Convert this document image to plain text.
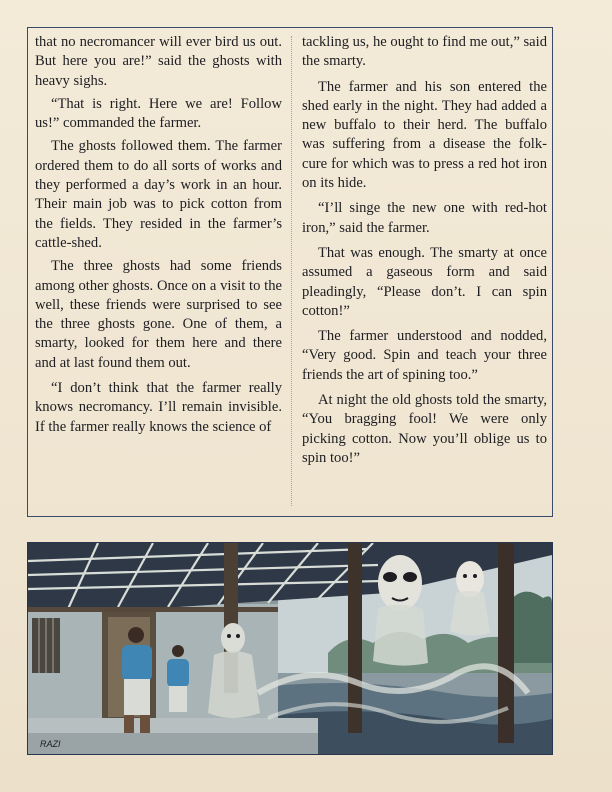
that no necromancer will ever bird us out. But here you are!” said the ghosts with heavy sighs.

“That is right. Here we are! Follow us!” commanded the farmer.

The ghosts followed them. The farmer ordered them to do all sorts of works and they performed a day’s work in an hour. Their main job was to pick cotton from the fields. They resided in the farmer’s cattle-shed.

The three ghosts had some friends among other ghosts. Once on a visit to the well, these friends were surprised to see the three ghosts gone. One of them, a smarty, looked for them here and there and at last found them out.

“I don’t think that the farmer really knows necromancy. I’ll remain invisible. If the farmer really knows the science of

tackling us, he ought to find me out,” said the smarty.

The farmer and his son entered the shed early in the night. They had added a new buffalo to their herd. The buffalo was suffering from a disease the folk-cure for which was to press a red hot iron on its hide.

“I’ll singe the new one with red-hot iron,” said the farmer.

That was enough. The smarty at once assumed a gaseous form and said pleadingly, “Please don’t. I can spin cotton!”

The farmer understood and nodded, “Very good. Spin and teach your three friends the art of spining too.”

At night the old ghosts told the smarty, “You bragging fool! We were only picking cotton. Now you’ll oblige us to spin too!”

RAZI
